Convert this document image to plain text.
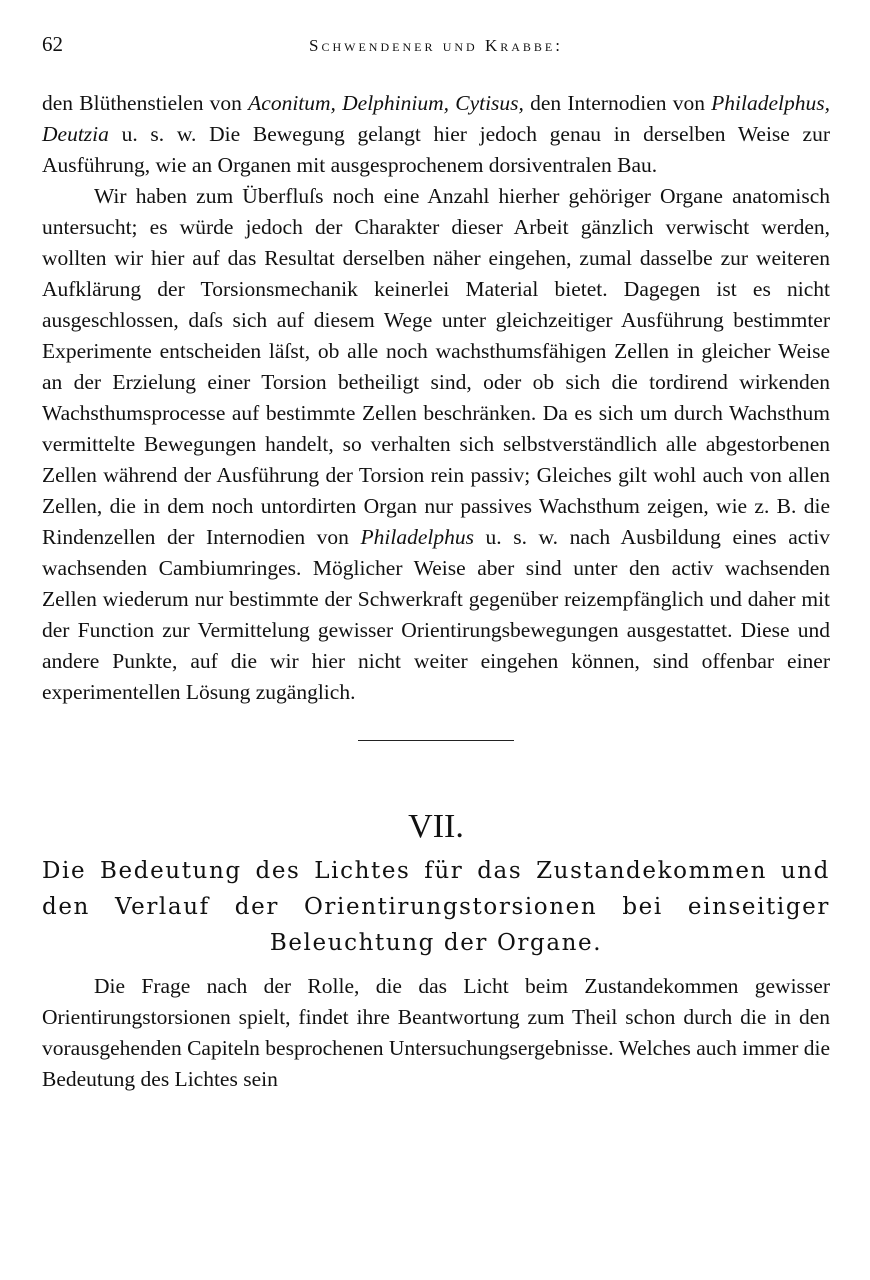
62	Schwendener und Krabbe:

den Blüthenstielen von Aconitum, Delphinium, Cytisus, den Internodien von Philadelphus, Deutzia u. s. w. Die Bewegung gelangt hier jedoch genau in derselben Weise zur Ausführung, wie an Organen mit ausgesprochenem dorsiventralen Bau.

Wir haben zum Überfluſs noch eine Anzahl hierher gehöriger Organe anatomisch untersucht; es würde jedoch der Charakter dieser Arbeit gänzlich verwischt werden, wollten wir hier auf das Resultat derselben näher eingehen, zumal dasselbe zur weiteren Aufklärung der Torsionsmechanik keinerlei Material bietet. Dagegen ist es nicht ausgeschlossen, daſs sich auf diesem Wege unter gleichzeitiger Ausführung bestimmter Experimente entscheiden läſst, ob alle noch wachsthumsfähigen Zellen in gleicher Weise an der Erzielung einer Torsion betheiligt sind, oder ob sich die tordirend wirkenden Wachsthumsprocesse auf bestimmte Zellen beschränken. Da es sich um durch Wachsthum vermittelte Bewegungen handelt, so verhalten sich selbstverständlich alle abgestorbenen Zellen während der Ausführung der Torsion rein passiv; Gleiches gilt wohl auch von allen Zellen, die in dem noch untordirten Organ nur passives Wachsthum zeigen, wie z. B. die Rindenzellen der Internodien von Philadelphus u. s. w. nach Ausbildung eines activ wachsenden Cambiumringes. Möglicher Weise aber sind unter den activ wachsenden Zellen wiederum nur bestimmte der Schwerkraft gegenüber reizempfänglich und daher mit der Function zur Vermittelung gewisser Orientirungsbewegungen ausgestattet. Diese und andere Punkte, auf die wir hier nicht weiter eingehen können, sind offenbar einer experimentellen Lösung zugänglich.

VII.
Die Bedeutung des Lichtes für das Zustandekommen und
den Verlauf der Orientirungstorsionen bei einseitiger
Beleuchtung der Organe.

Die Frage nach der Rolle, die das Licht beim Zustandekommen gewisser Orientirungstorsionen spielt, findet ihre Beantwortung zum Theil schon durch die in den vorausgehenden Capiteln besprochenen Untersuchungsergebnisse. Welches auch immer die Bedeutung des Lichtes sein
